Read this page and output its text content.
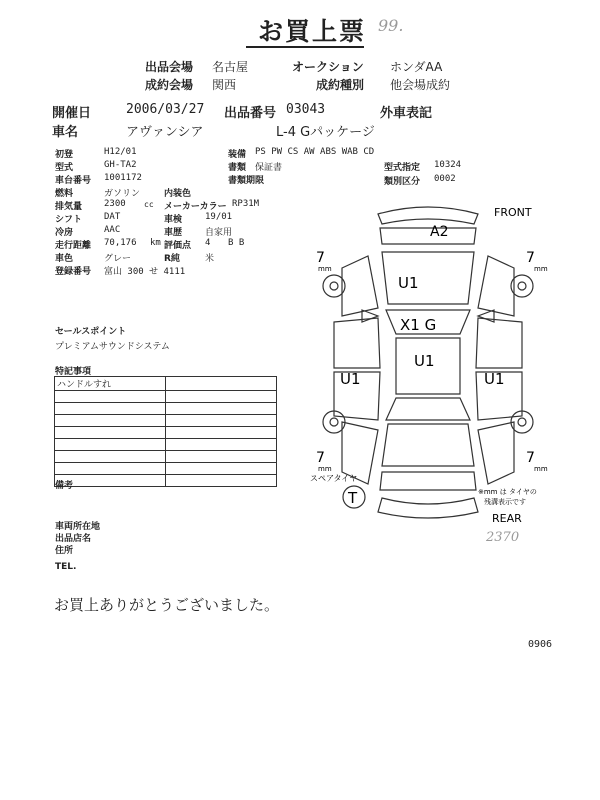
お買上票 99.
出品会場 名古屋	オークション ホンダAA
成約会場 関西	成約種別 他会場成約
開催日	2006/03/27 出品番号 03043	外車表記
車名	アヴァンシア	L-4 Gパッケージ
初登	H12/01
型式	GH-TA2
車台番号 1001172
燃料	ガソリン
排気量 2300 cc
シフト DAT
冷房	AAC
走行距離 70,176 km
車色	グレー
登録番号 富山 300 せ 4111
装備 PS PW CS AW ABS WAB CD
書類 保証書
書類期限
内装色
メーカーカラー RP31M
車検	19/01
車歴	自家用
評価点 4 B B
R純	米
型式指定 10324
類別区分 0002
セールスポイント
プレミアムサウンドシステム
特記事項
ハンドルすれ	

備考
車両所在地
出品店名
住所
TEL.
お買上ありがとうございました。
0906
2370
FRONT
REAR
A2
U1
X1 G
U1
U1	U1
7
mm
7
mm
7
mm
7
mm
スペアタイヤ
T	※mm は タイヤの
残溝表示です
